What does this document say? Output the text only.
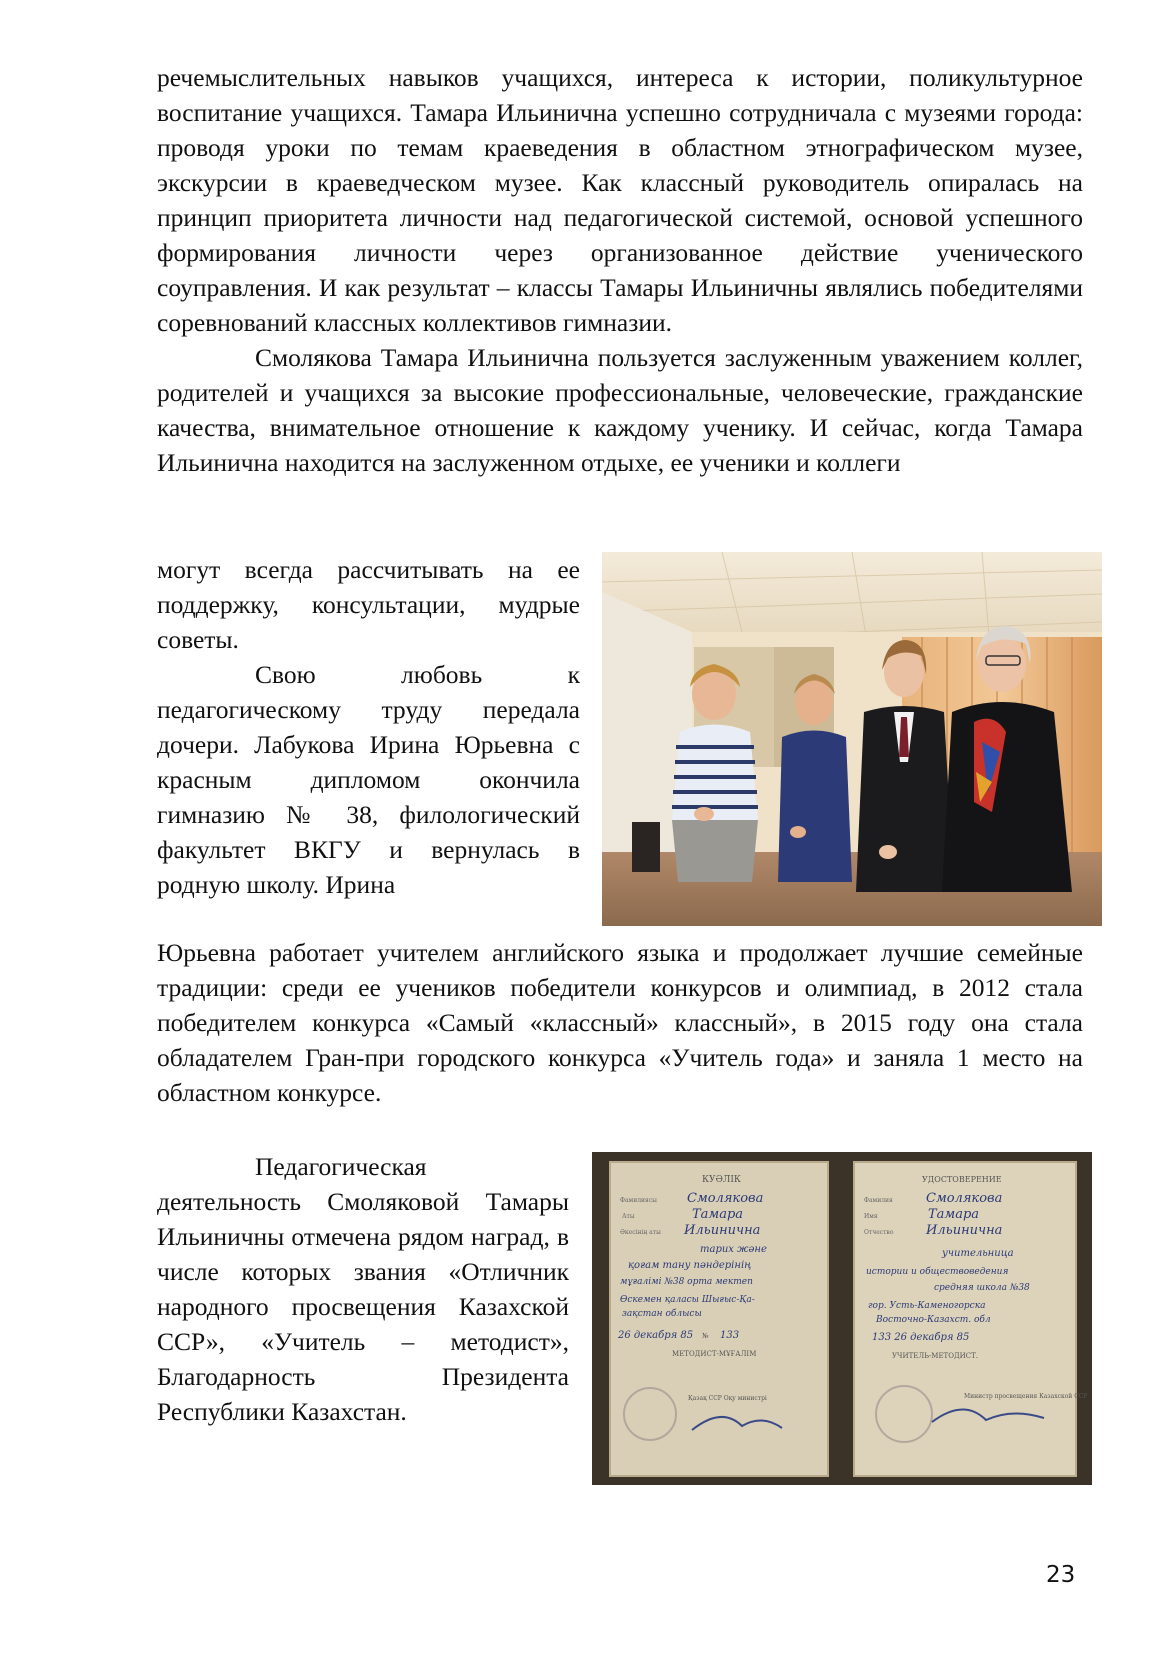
речемыслительных навыков учащихся, интереса к истории, поликультурное воспитание учащихся. Тамара Ильинична успешно сотрудничала с музеями города: проводя уроки по темам краеведения в областном этнографическом музее, экскурсии в краеведческом музее. Как классный руководитель опиралась на принцип приоритета личности над педагогической системой, основой успешного формирования личности через организованное действие ученического соуправления. И как результат – классы Тамары Ильиничны являлись победителями соревнований классных коллективов гимназии.

Смолякова Тамара Ильинична пользуется заслуженным уважением коллег, родителей и учащихся за высокие профессиональные, человеческие, гражданские качества, внимательное отношение к каждому ученику. И сейчас, когда Тамара Ильинична находится на заслуженном отдыхе, ее ученики и коллеги

могут всегда рассчитывать на ее поддержку, консультации, мудрые советы.

Свою любовь к педагогическому труду передала дочери. Лабукова Ирина Юрьевна с красным дипломом окончила гимназию № 38, филологический факультет ВКГУ и вернулась в родную школу. Ирина

Юрьевна работает учителем английского языка и продолжает лучшие семейные традиции: среди ее учеников победители конкурсов и олимпиад, в 2012 стала победителем конкурса «Самый «классный» классный», в 2015 году она стала обладателем Гран-при городского конкурса «Учитель года» и заняла 1 место на областном конкурсе.

Педагогическая деятельность Смоляковой Тамары Ильиничны отмечена рядом наград, в числе которых звания «Отличник народного просвещения Казахской ССР», «Учитель – методист», Благодарность Президента Республики Казахстан.

КУӘЛІК
Фамилиясы
Аты
Әкесінің аты
Смолякова
Тамара
Ильинична
тарих және
қоғам тану пәндерінің
мұғалімі №38 орта мектеп
Өскемен қаласы Шығыс-Қа-
зақстан облысы
26 декабря 85 № 133
МЕТОДИСТ-МҰҒАЛІМ
Қазақ ССР Оқу министрі
УДОСТОВЕРЕНИЕ
Фамилия
Имя
Отчество
Смолякова
Тамара
Ильинична
учительница
истории и обществоведения
средняя школа №38
гор. Усть-Каменогорска
Восточно-Казахст. обл
133 26 декабря 85
УЧИТЕЛЬ-МЕТОДИСТ.
Министр просвещения Казахской ССР
23
